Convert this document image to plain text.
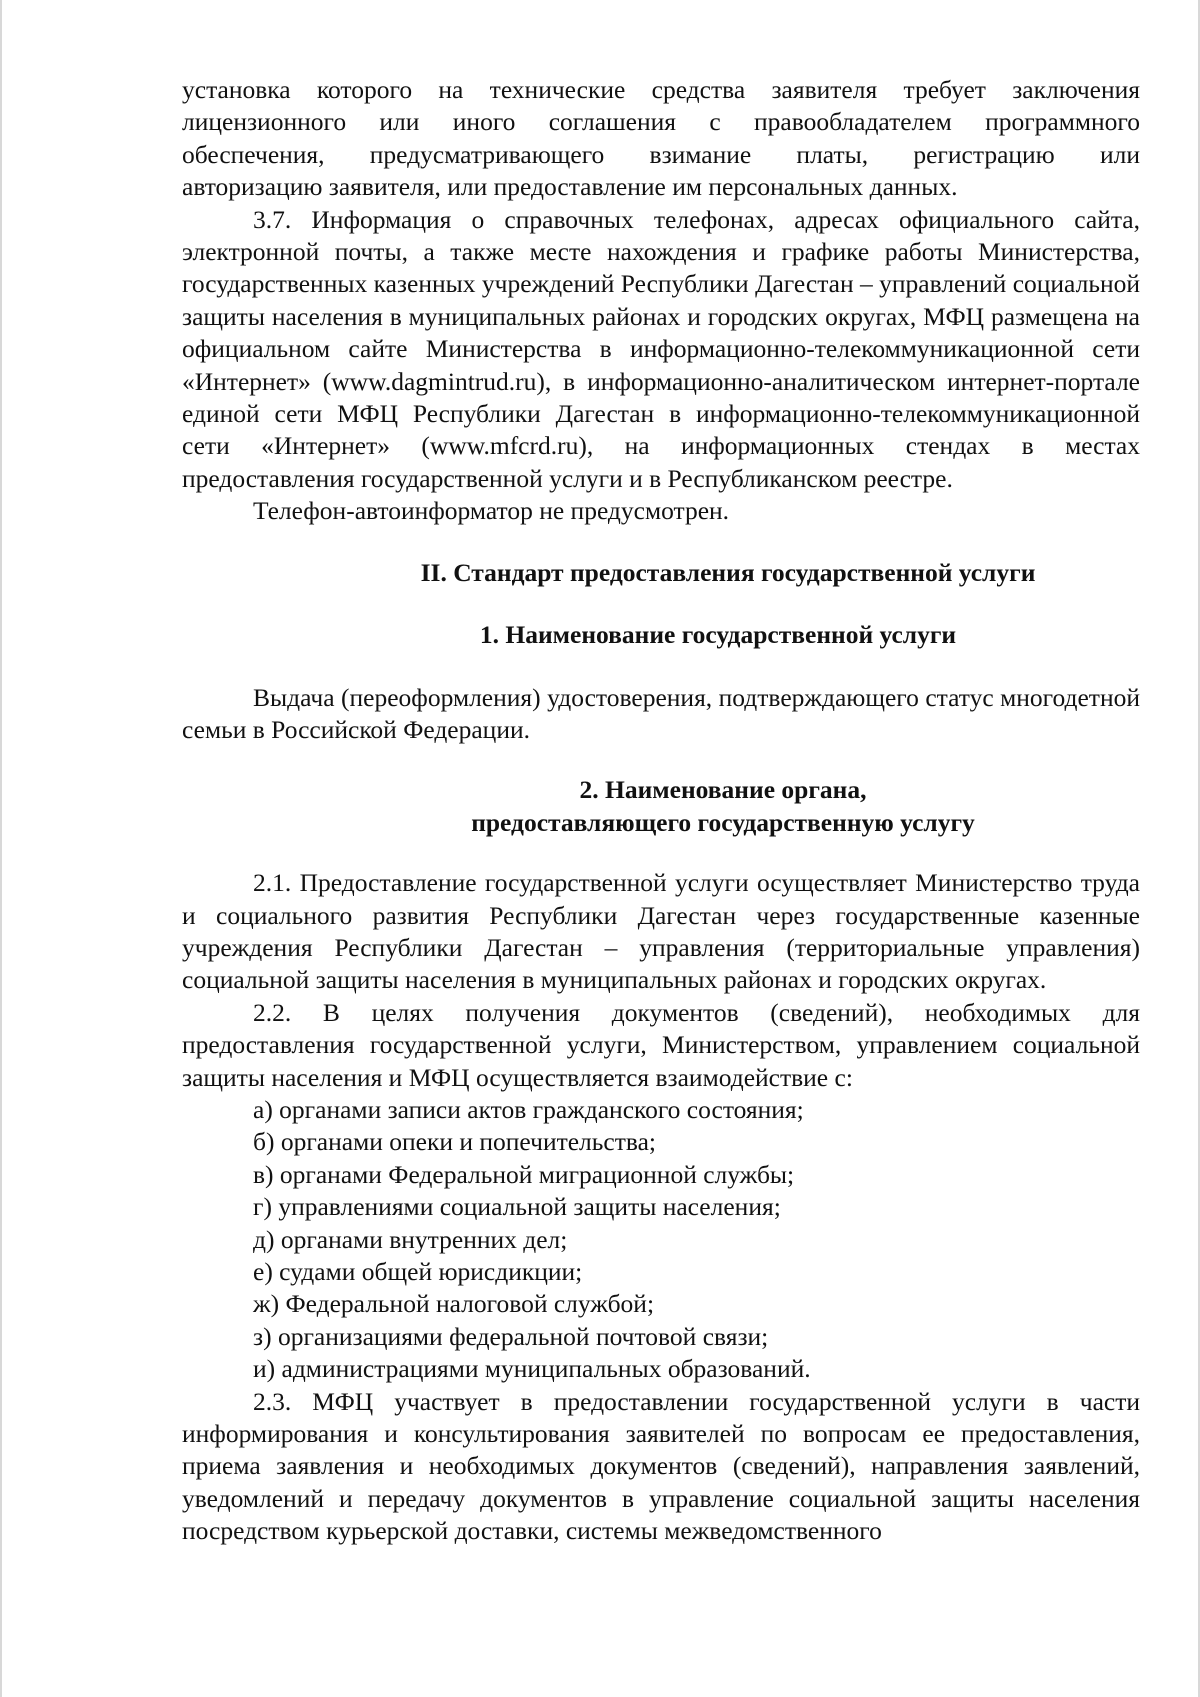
установка которого на технические средства заявителя требует заключения

лицензионного или иного соглашения с правообладателем программного

обеспечения, предусматривающего взимание платы, регистрацию или

авторизацию заявителя, или предоставление им персональных данных.

3.7. Информация о справочных телефонах, адресах официального сайта, электронной почты, а также месте нахождения и графике работы Министерства, государственных казенных учреждений Республики Дагестан – управлений социальной защиты населения в муниципальных районах и городских округах, МФЦ размещена на официальном сайте Министерства в информационно-телекоммуникационной сети «Интернет» (www.dagmintrud.ru), в информационно-аналитическом интернет-портале единой сети МФЦ Республики Дагестан в информационно-телекоммуникационной сети «Интернет» (www.mfcrd.ru), на информационных стендах в местах предоставления государственной услуги и в Республиканском реестре.

Телефон-автоинформатор не предусмотрен.

II. Стандарт предоставления государственной услуги

1. Наименование государственной услуги

Выдача (переоформления) удостоверения, подтверждающего статус многодетной семьи в Российской Федерации.

2. Наименование органа,

предоставляющего государственную услугу

2.1. Предоставление государственной услуги осуществляет Министерство труда и социального развития Республики Дагестан через государственные казенные учреждения Республики Дагестан – управления (территориальные управления) социальной защиты населения в муниципальных районах и городских округах.

2.2. В целях получения документов (сведений), необходимых для предоставления государственной услуги, Министерством, управлением социальной защиты населения и МФЦ осуществляется взаимодействие с:

а) органами записи актов гражданского состояния;

б) органами опеки и попечительства;

в) органами Федеральной миграционной службы;

г) управлениями социальной защиты населения;

д) органами внутренних дел;

е) судами общей юрисдикции;

ж) Федеральной налоговой службой;

з) организациями федеральной почтовой связи;

и) администрациями муниципальных образований.

2.3. МФЦ участвует в предоставлении государственной услуги в части информирования и консультирования заявителей по вопросам ее предоставления, приема заявления и необходимых документов (сведений), направления заявлений, уведомлений и передачу документов в управление социальной защиты населения посредством курьерской доставки, системы межведомственного
